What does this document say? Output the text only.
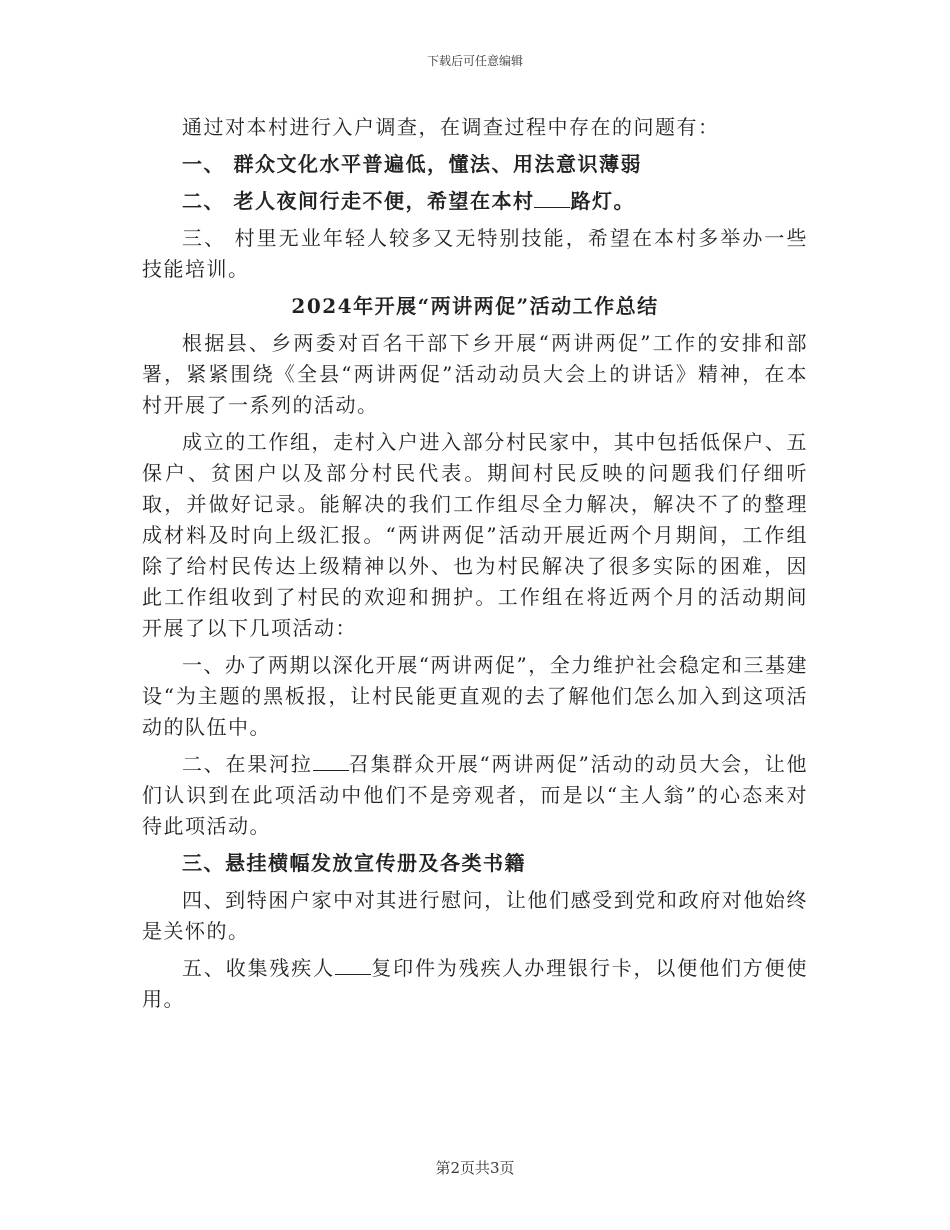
下载后可任意编辑

通过对本村进行入户调查，在调查过程中存在的问题有：

一、 群众文化水平普遍低，懂法、用法意识薄弱

二、 老人夜间行走不便，希望在本村 路灯。

三、 村里无业年轻人较多又无特别技能，希望在本村多举办一些技能培训。

2024年开展“两讲两促”活动工作总结

根据县、乡两委对百名干部下乡开展“两讲两促”工作的安排和部署，紧紧围绕《全县“两讲两促”活动动员大会上的讲话》精神，在本村开展了一系列的活动。

成立的工作组，走村入户进入部分村民家中，其中包括低保户、五保户、贫困户以及部分村民代表。期间村民反映的问题我们仔细听取，并做好记录。能解决的我们工作组尽全力解决，解决不了的整理成材料及时向上级汇报。“两讲两促”活动开展近两个月期间，工作组除了给村民传达上级精神以外、也为村民解决了很多实际的困难，因此工作组收到了村民的欢迎和拥护。工作组在将近两个月的活动期间开展了以下几项活动：

一、办了两期以深化开展“两讲两促”，全力维护社会稳定和三基建设“为主题的黑板报，让村民能更直观的去了解他们怎么加入到这项活动的队伍中。

二、在果河拉 召集群众开展“两讲两促”活动的动员大会，让他们认识到在此项活动中他们不是旁观者，而是以“主人翁”的心态来对待此项活动。

三、悬挂横幅发放宣传册及各类书籍

四、到特困户家中对其进行慰问，让他们感受到党和政府对他始终是关怀的。

五、收集残疾人 复印件为残疾人办理银行卡，以便他们方便使用。

第2页共3页
